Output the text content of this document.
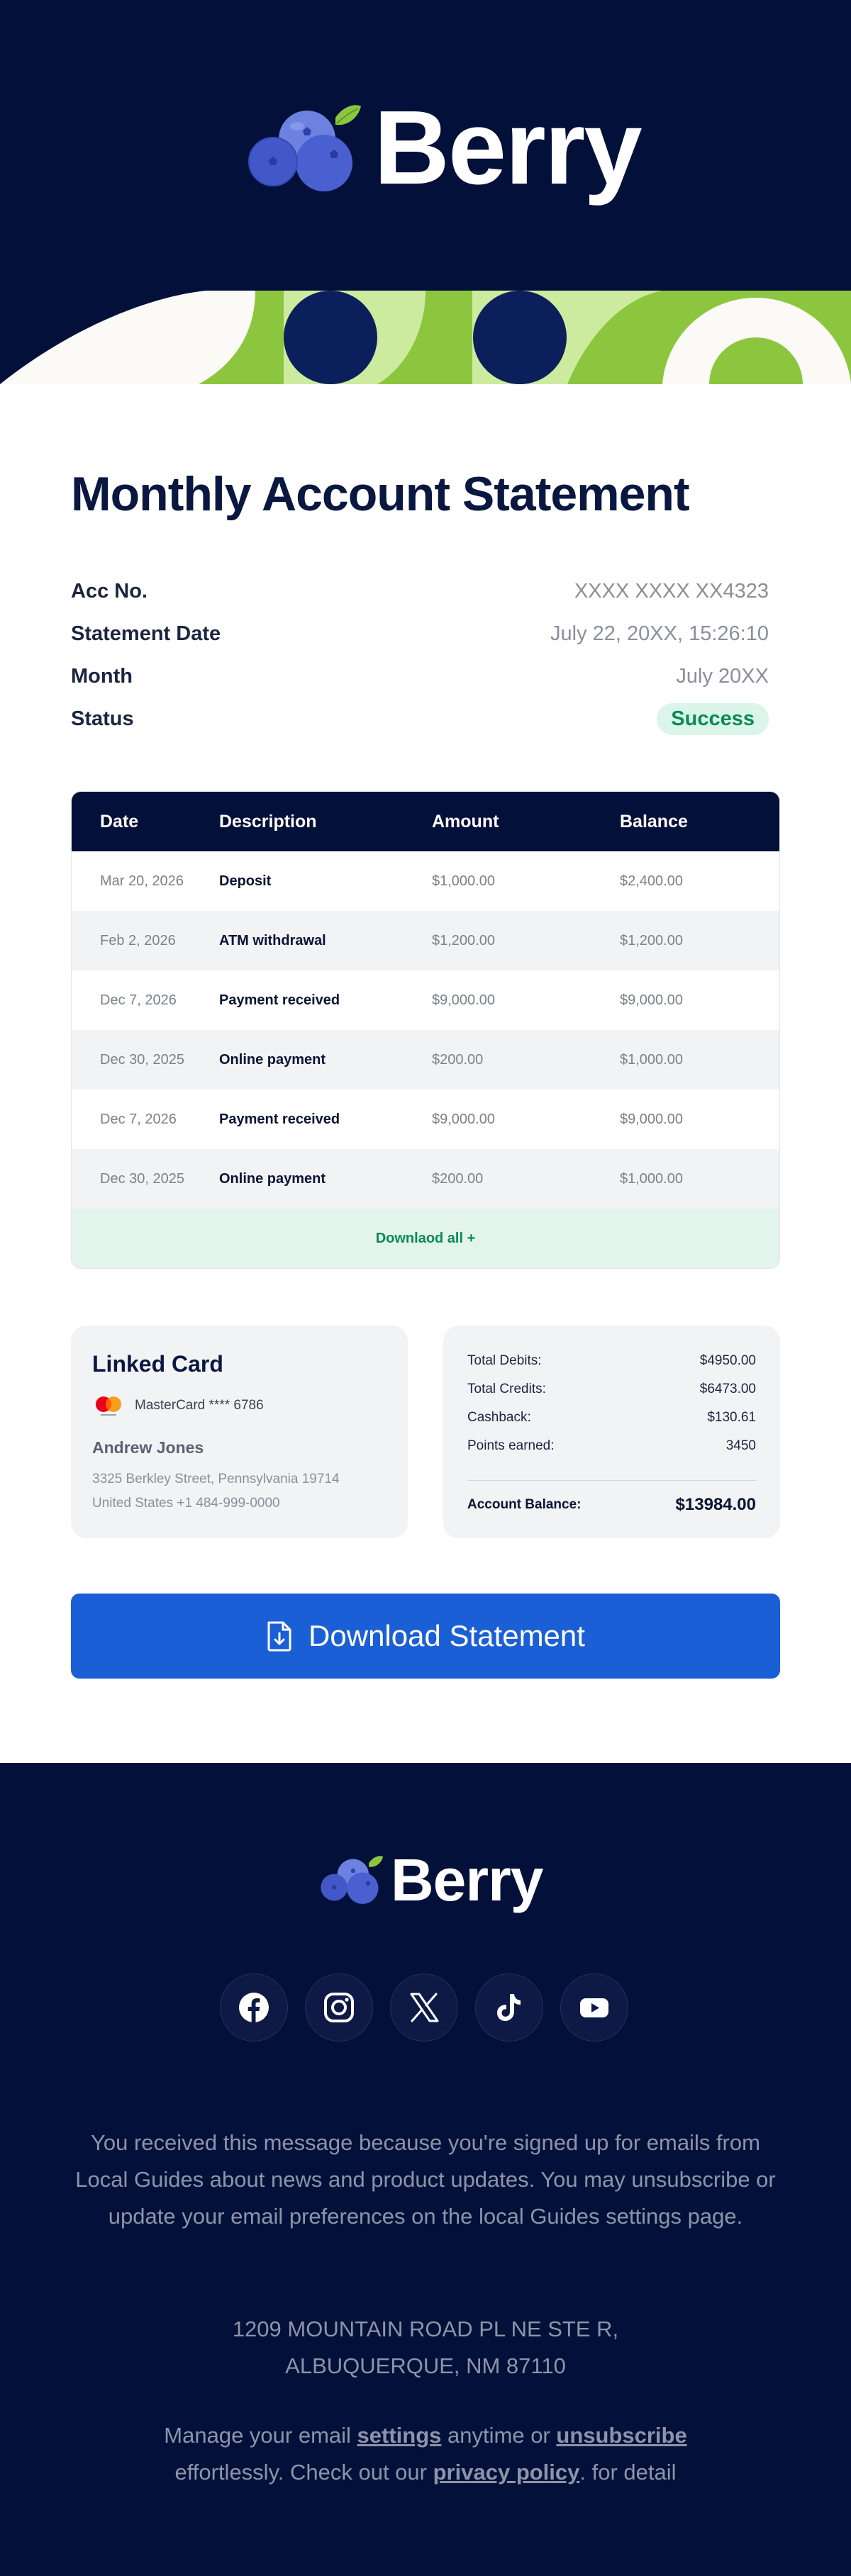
Berry
Monthly Account Statement
Acc No.	XXXX XXXX XX4323
Statement Date	July 22, 20XX, 15:26:10
Month	July 20XX
Status	Success
Date	Description	Amount	Balance
Mar 20, 2026	Deposit	$1,000.00	$2,400.00
Feb 2, 2026	ATM withdrawal	$1,200.00	$1,200.00
Dec 7, 2026	Payment received	$9,000.00	$9,000.00
Dec 30, 2025	Online payment	$200.00	$1,000.00
Dec 7, 2026	Payment received	$9,000.00	$9,000.00
Dec 30, 2025	Online payment	$200.00	$1,000.00
Downlaod all +
Linked Card
MasterCard **** 6786
Andrew Jones
3325 Berkley Street, Pennsylvania 19714
United States +1 484-999-0000
Total Debits:	$4950.00
Total Credits:	$6473.00
Cashback:	$130.61
Points earned:	3450
Account Balance:	$13984.00
Download Statement
Berry

You received this message because you're signed up for emails from Local Guides about news and product updates. You may unsubscribe or update your email preferences on the local Guides settings page.

1209 MOUNTAIN ROAD PL NE STE R,
ALBUQUERQUE, NM 87110
Manage your email settings anytime or unsubscribe
effortlessly. Check out our privacy policy. for detail
